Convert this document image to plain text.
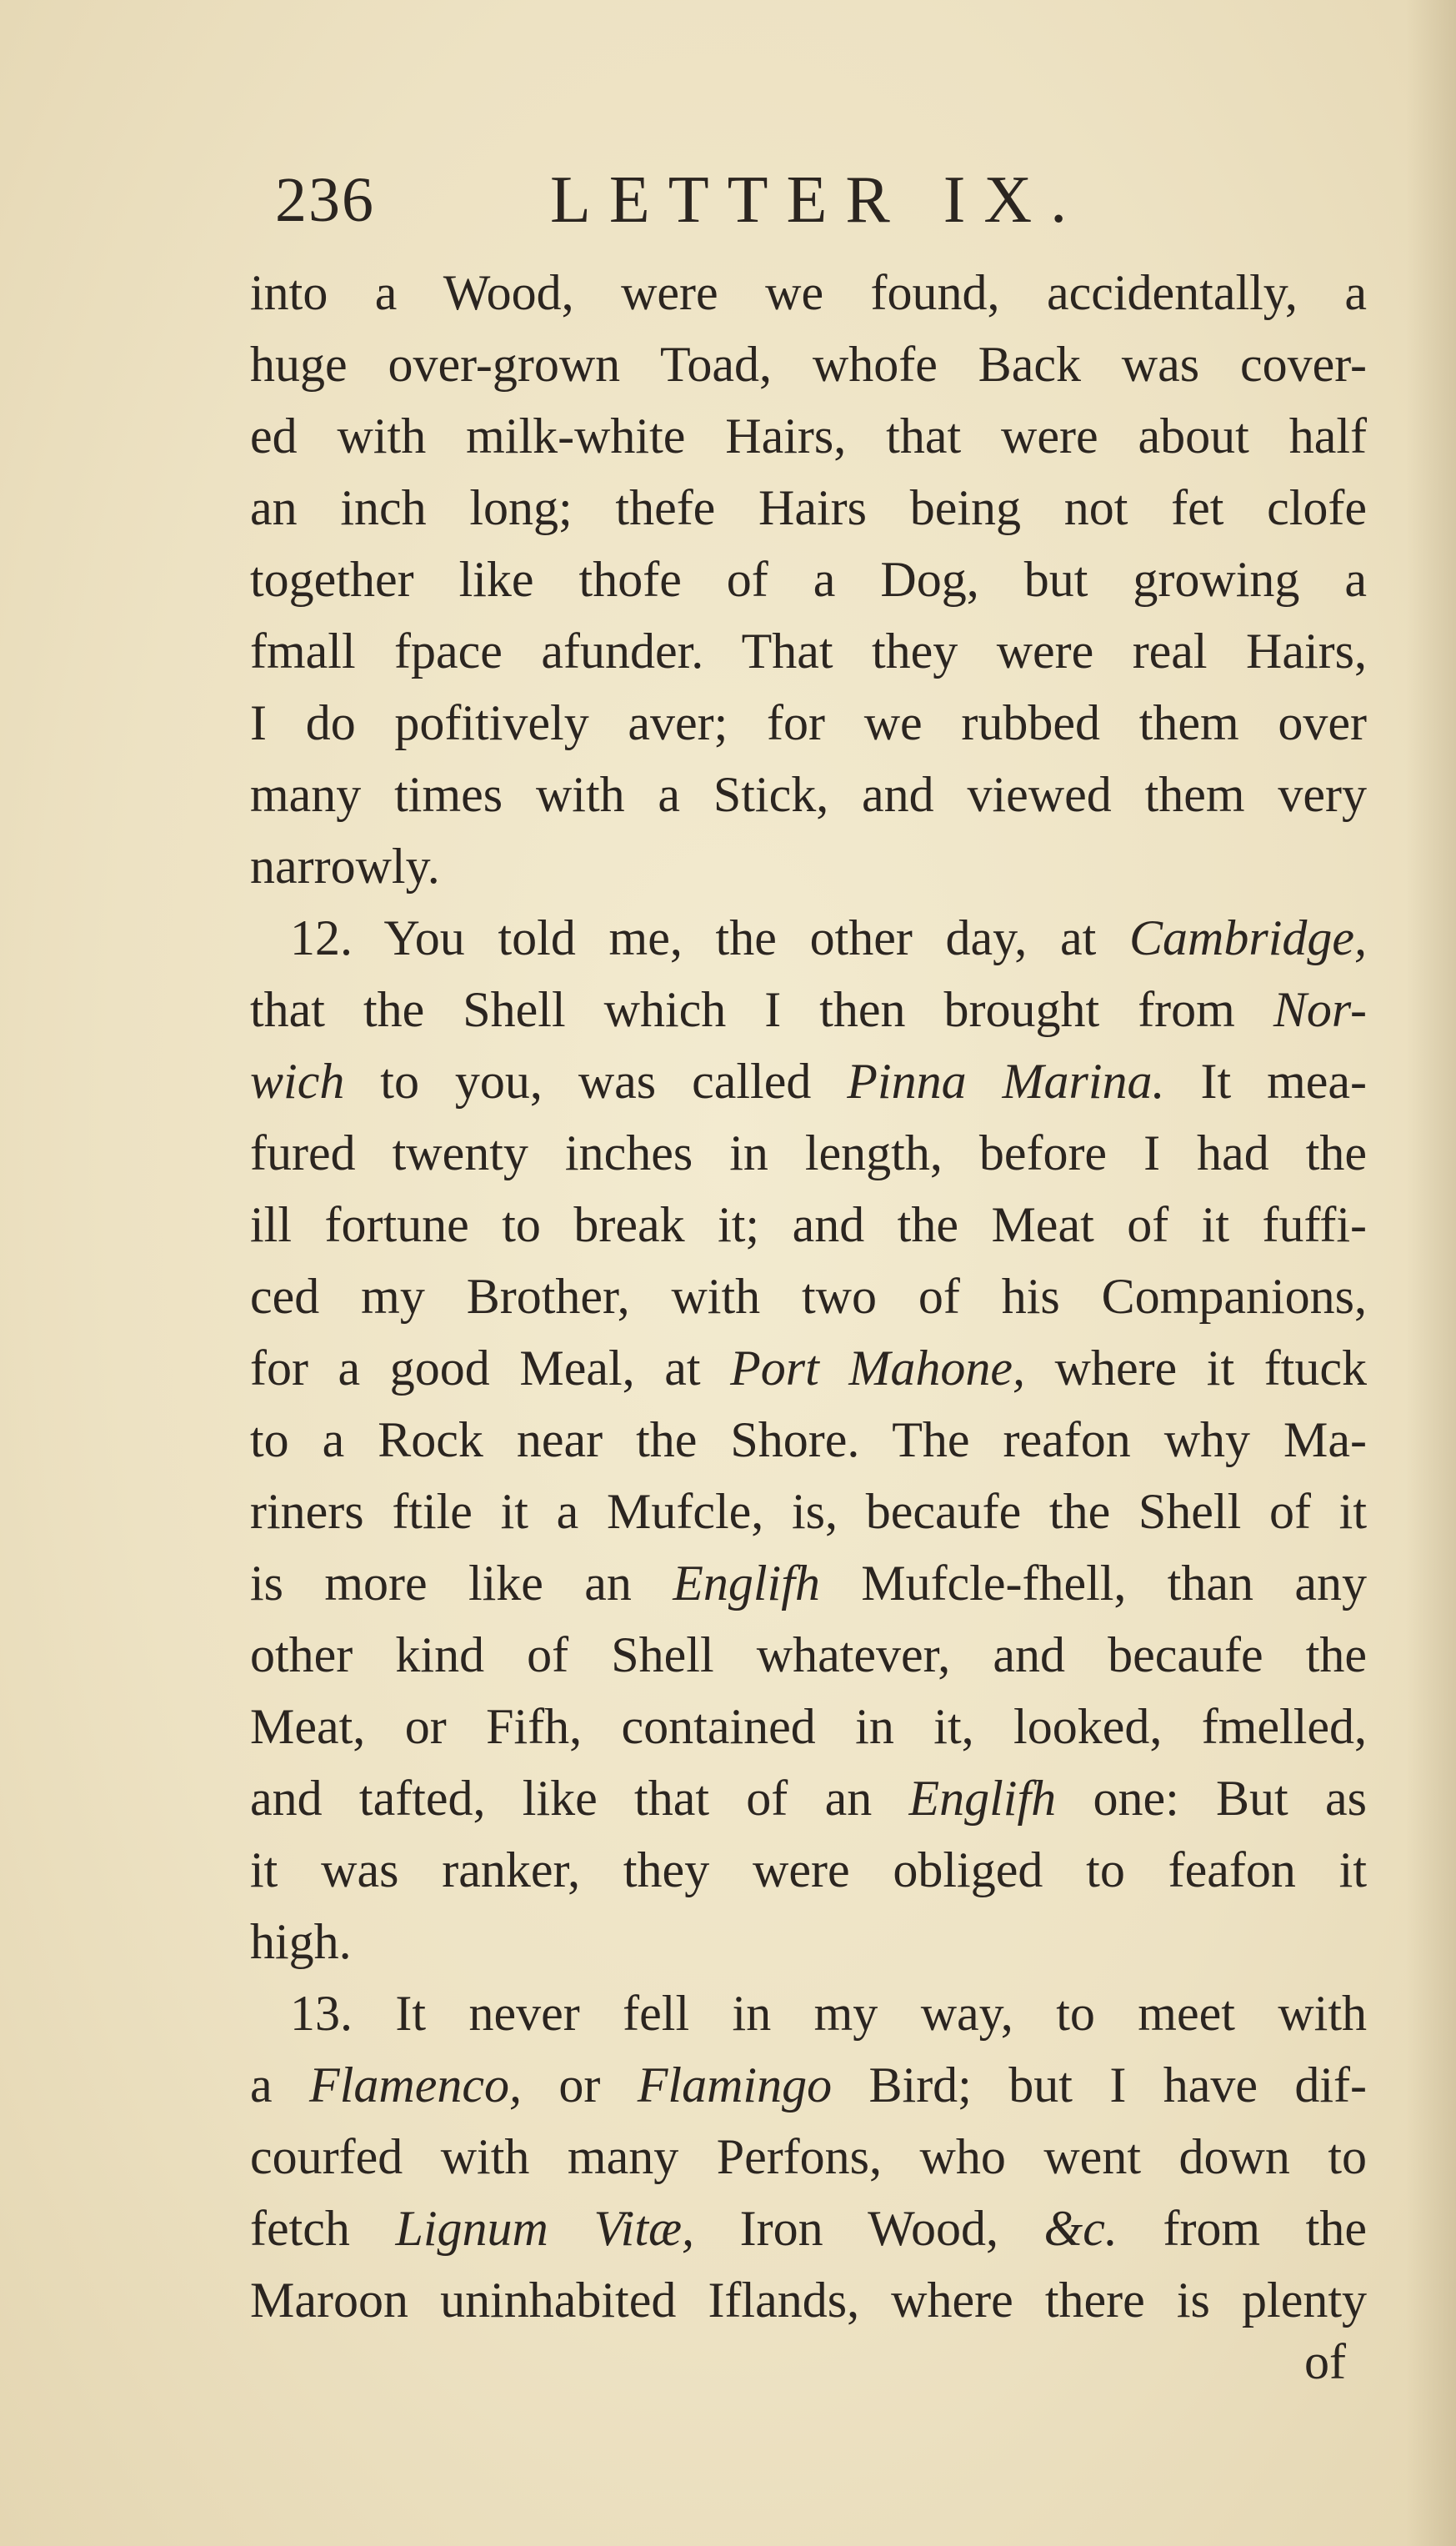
236	LETTER IX.
into a Wood, were we found, accidentally, a
huge over-grown Toad, whofe Back was cover-
ed with milk-white Hairs, that were about half
an inch long; thefe Hairs being not fet clofe
together like thofe of a Dog, but growing a
fmall fpace afunder. That they were real Hairs,
I do pofitively aver; for we rubbed them over
many times with a Stick, and viewed them very
narrowly.
12. You told me, the other day, at Cambridge,
that the Shell which I then brought from Nor-
wich to you, was called Pinna Marina. It mea-
fured twenty inches in length, before I had the
ill fortune to break it; and the Meat of it fuffi-
ced my Brother, with two of his Companions,
for a good Meal, at Port Mahone, where it ftuck
to a Rock near the Shore. The reafon why Ma-
riners ftile it a Mufcle, is, becaufe the Shell of it
is more like an Englifh Mufcle-fhell, than any
other kind of Shell whatever, and becaufe the
Meat, or Fifh, contained in it, looked, fmelled,
and tafted, like that of an Englifh one: But as
it was ranker, they were obliged to feafon it
high.
13. It never fell in my way, to meet with
a Flamenco, or Flamingo Bird; but I have dif-
courfed with many Perfons, who went down to
fetch Lignum Vitæ, Iron Wood, &c. from the
Maroon uninhabited Iflands, where there is plenty
of
